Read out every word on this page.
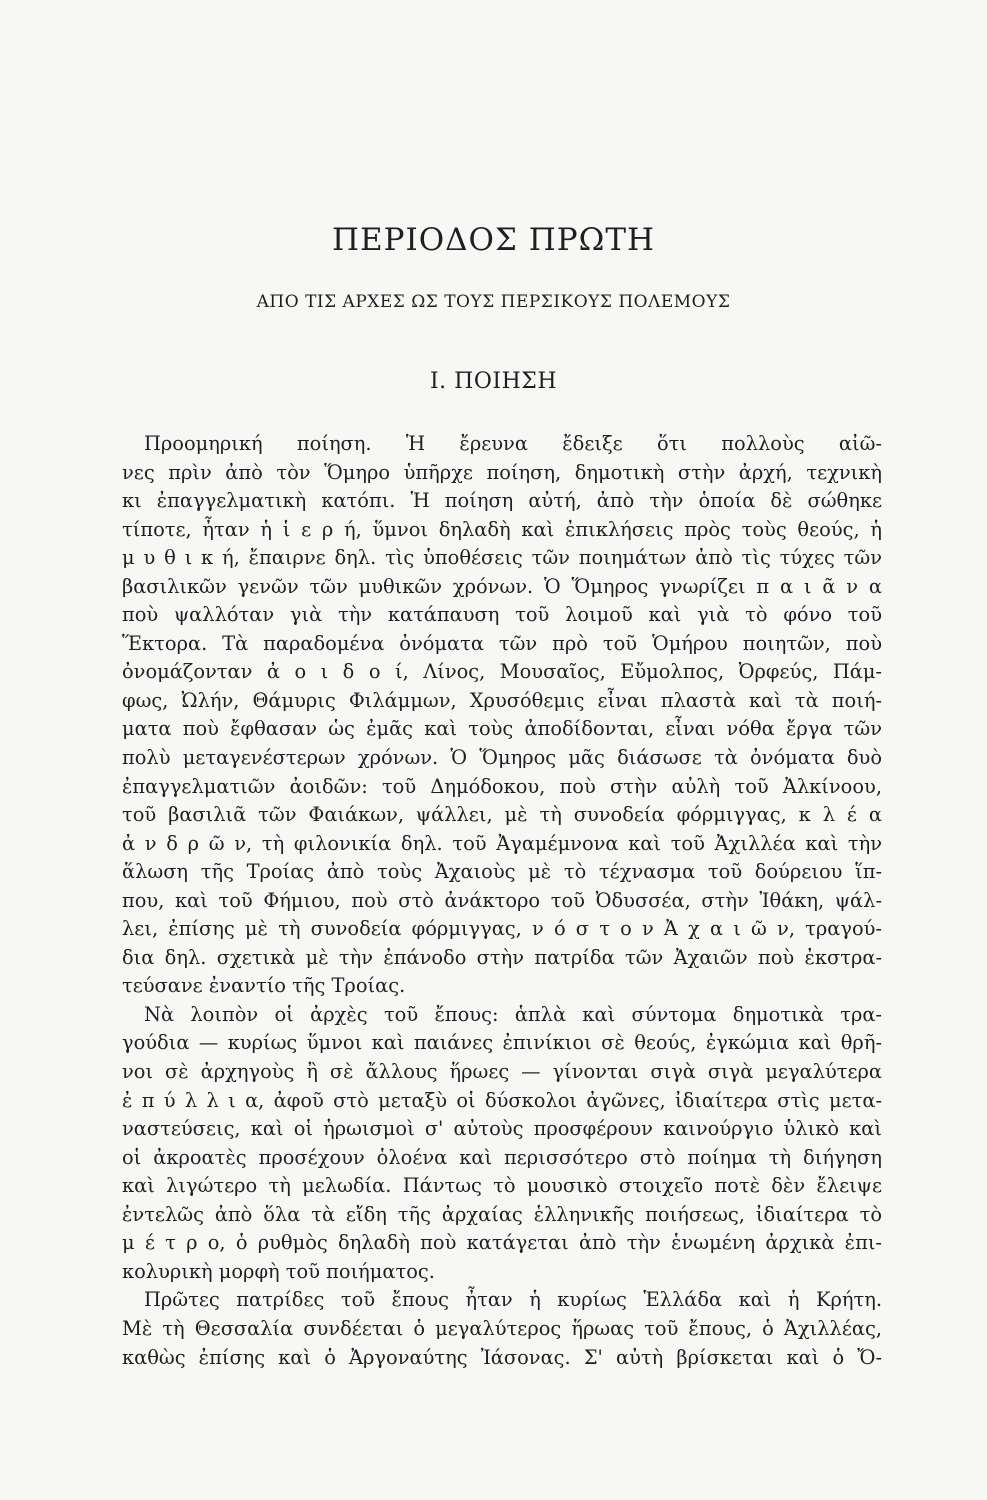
ΠΕΡΙΟΔΟΣ ΠΡΩΤΗ
ΑΠΟ ΤΙΣ ΑΡΧΕΣ ΩΣ ΤΟΥΣ ΠΕΡΣΙΚΟΥΣ ΠΟΛΕΜΟΥΣ
Ι. ΠΟΙΗΣΗ
Προομηρική ποίηση. Ἡ ἔρευνα ἔδειξε ὅτι πολλοὺς αἰῶ-
νες πρὶν ἀπὸ τὸν Ὅμηρο ὑπῆρχε ποίηση, δημοτικὴ στὴν ἀρχή, τεχνικὴ
κι ἐπαγγελματικὴ κατόπι. Ἡ ποίηση αὐτή, ἀπὸ τὴν ὁποία δὲ σώθηκε
τίποτε, ἦταν ἡ ἱ ε ρ ή, ὕμνοι δηλαδὴ καὶ ἐπικλήσεις πρὸς τοὺς θεούς, ἡ
μ υ θ ι κ ή, ἔπαιρνε δηλ. τὶς ὑποθέσεις τῶν ποιημάτων ἀπὸ τὶς τύχες τῶν
βασιλικῶν γενῶν τῶν μυθικῶν χρόνων. Ὁ Ὅμηρος γνωρίζει π α ι ᾶ ν α
ποὺ ψαλλόταν γιὰ τὴν κατάπαυση τοῦ λοιμοῦ καὶ γιὰ τὸ φόνο τοῦ
Ἕκτορα. Τὰ παραδομένα ὀνόματα τῶν πρὸ τοῦ Ὁμήρου ποιητῶν, ποὺ
ὀνομάζονταν ἀ ο ι δ ο ί, Λίνος, Μουσαῖος, Εὔμολπος, Ὀρφεύς, Πάμ-
φως, Ὠλήν, Θάμυρις Φιλάμμων, Χρυσόθεμις εἶναι πλαστὰ καὶ τὰ ποιή-
ματα ποὺ ἔφθασαν ὡς ἐμᾶς καὶ τοὺς ἀποδίδονται, εἶναι νόθα ἔργα τῶν
πολὺ μεταγενέστερων χρόνων. Ὁ Ὅμηρος μᾶς διάσωσε τὰ ὀνόματα δυὸ
ἐπαγγελματιῶν ἀοιδῶν: τοῦ Δημόδοκου, ποὺ στὴν αὐλὴ τοῦ Ἀλκίνοου,
τοῦ βασιλιᾶ τῶν Φαιάκων, ψάλλει, μὲ τὴ συνοδεία φόρμιγγας, κ λ έ α
ἀ ν δ ρ ῶ ν, τὴ φιλονικία δηλ. τοῦ Ἀγαμέμνονα καὶ τοῦ Ἀχιλλέα καὶ τὴν
ἅλωση τῆς Τροίας ἀπὸ τοὺς Ἀχαιοὺς μὲ τὸ τέχνασμα τοῦ δούρειου ἵπ-
που, καὶ τοῦ Φήμιου, ποὺ στὸ ἀνάκτορο τοῦ Ὀδυσσέα, στὴν Ἰθάκη, ψάλ-
λει, ἐπίσης μὲ τὴ συνοδεία φόρμιγγας, ν ό σ τ ο ν Ἀ χ α ι ῶ ν, τραγού-
δια δηλ. σχετικὰ μὲ τὴν ἐπάνοδο στὴν πατρίδα τῶν Ἀχαιῶν ποὺ ἐκστρα-
τεύσανε ἐναντίο τῆς Τροίας.
Νὰ λοιπὸν οἱ ἀρχὲς τοῦ ἔπους: ἁπλὰ καὶ σύντομα δημοτικὰ τρα-
γούδια — κυρίως ὕμνοι καὶ παιάνες ἐπινίκιοι σὲ θεούς, ἐγκώμια καὶ θρῆ-
νοι σὲ ἀρχηγοὺς ἢ σὲ ἄλλους ἥρωες — γίνονται σιγὰ σιγὰ μεγαλύτερα
ἐ π ύ λ λ ι α, ἀφοῦ στὸ μεταξὺ οἱ δύσκολοι ἀγῶνες, ἰδιαίτερα στὶς μετα-
ναστεύσεις, καὶ οἱ ἡρωισμοὶ σ' αὐτοὺς προσφέρουν καινούργιο ὑλικὸ καὶ
οἱ ἀκροατὲς προσέχουν ὁλοένα καὶ περισσότερο στὸ ποίημα τὴ διήγηση
καὶ λιγώτερο τὴ μελωδία. Πάντως τὸ μουσικὸ στοιχεῖο ποτὲ δὲν ἔλειψε
ἐντελῶς ἀπὸ ὅλα τὰ εἴδη τῆς ἀρχαίας ἑλληνικῆς ποιήσεως, ἰδιαίτερα τὸ
μ έ τ ρ ο, ὁ ρυθμὸς δηλαδὴ ποὺ κατάγεται ἀπὸ τὴν ἑνωμένη ἀρχικὰ ἐπι-
κολυρικὴ μορφὴ τοῦ ποιήματος.
Πρῶτες πατρίδες τοῦ ἔπους ἦταν ἡ κυρίως Ἑλλάδα καὶ ἡ Κρήτη.
Μὲ τὴ Θεσσαλία συνδέεται ὁ μεγαλύτερος ἥρωας τοῦ ἔπους, ὁ Ἀχιλλέας,
καθὼς ἐπίσης καὶ ὁ Ἀργοναύτης Ἰάσονας. Σ' αὐτὴ βρίσκεται καὶ ὁ Ὄ-
